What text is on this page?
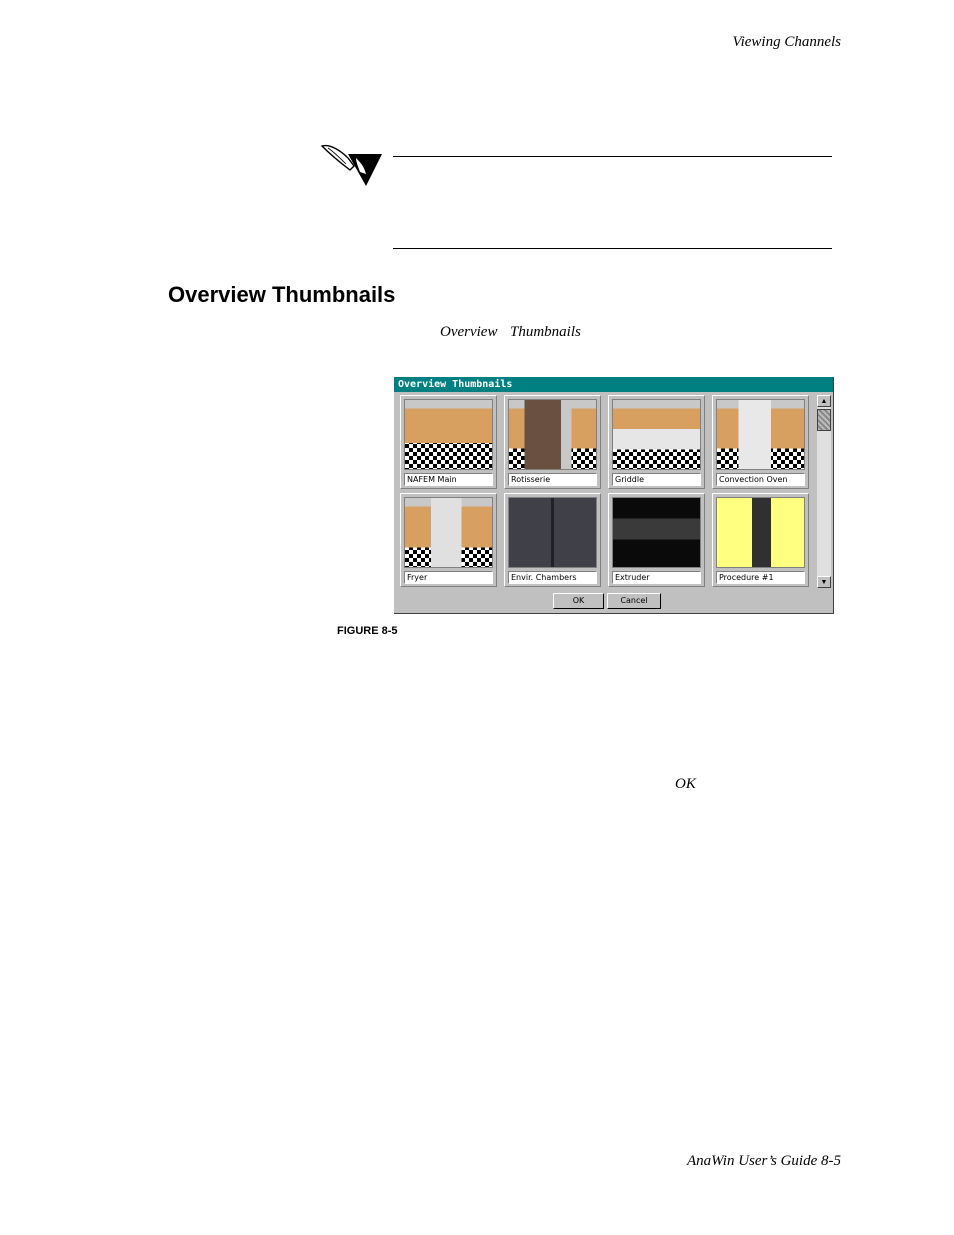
Viewing Channels
Overview Thumbnails
Overview Thumbnails
Overview Thumbnails
NAFEM Main	Rotisserie	Griddle	Convection Oven
Fryer	Envir. Chambers	Extruder	Procedure #1
▲
▼
OK	Cancel
FIGURE 8-5
OK
AnaWin User’s Guide 8-5
